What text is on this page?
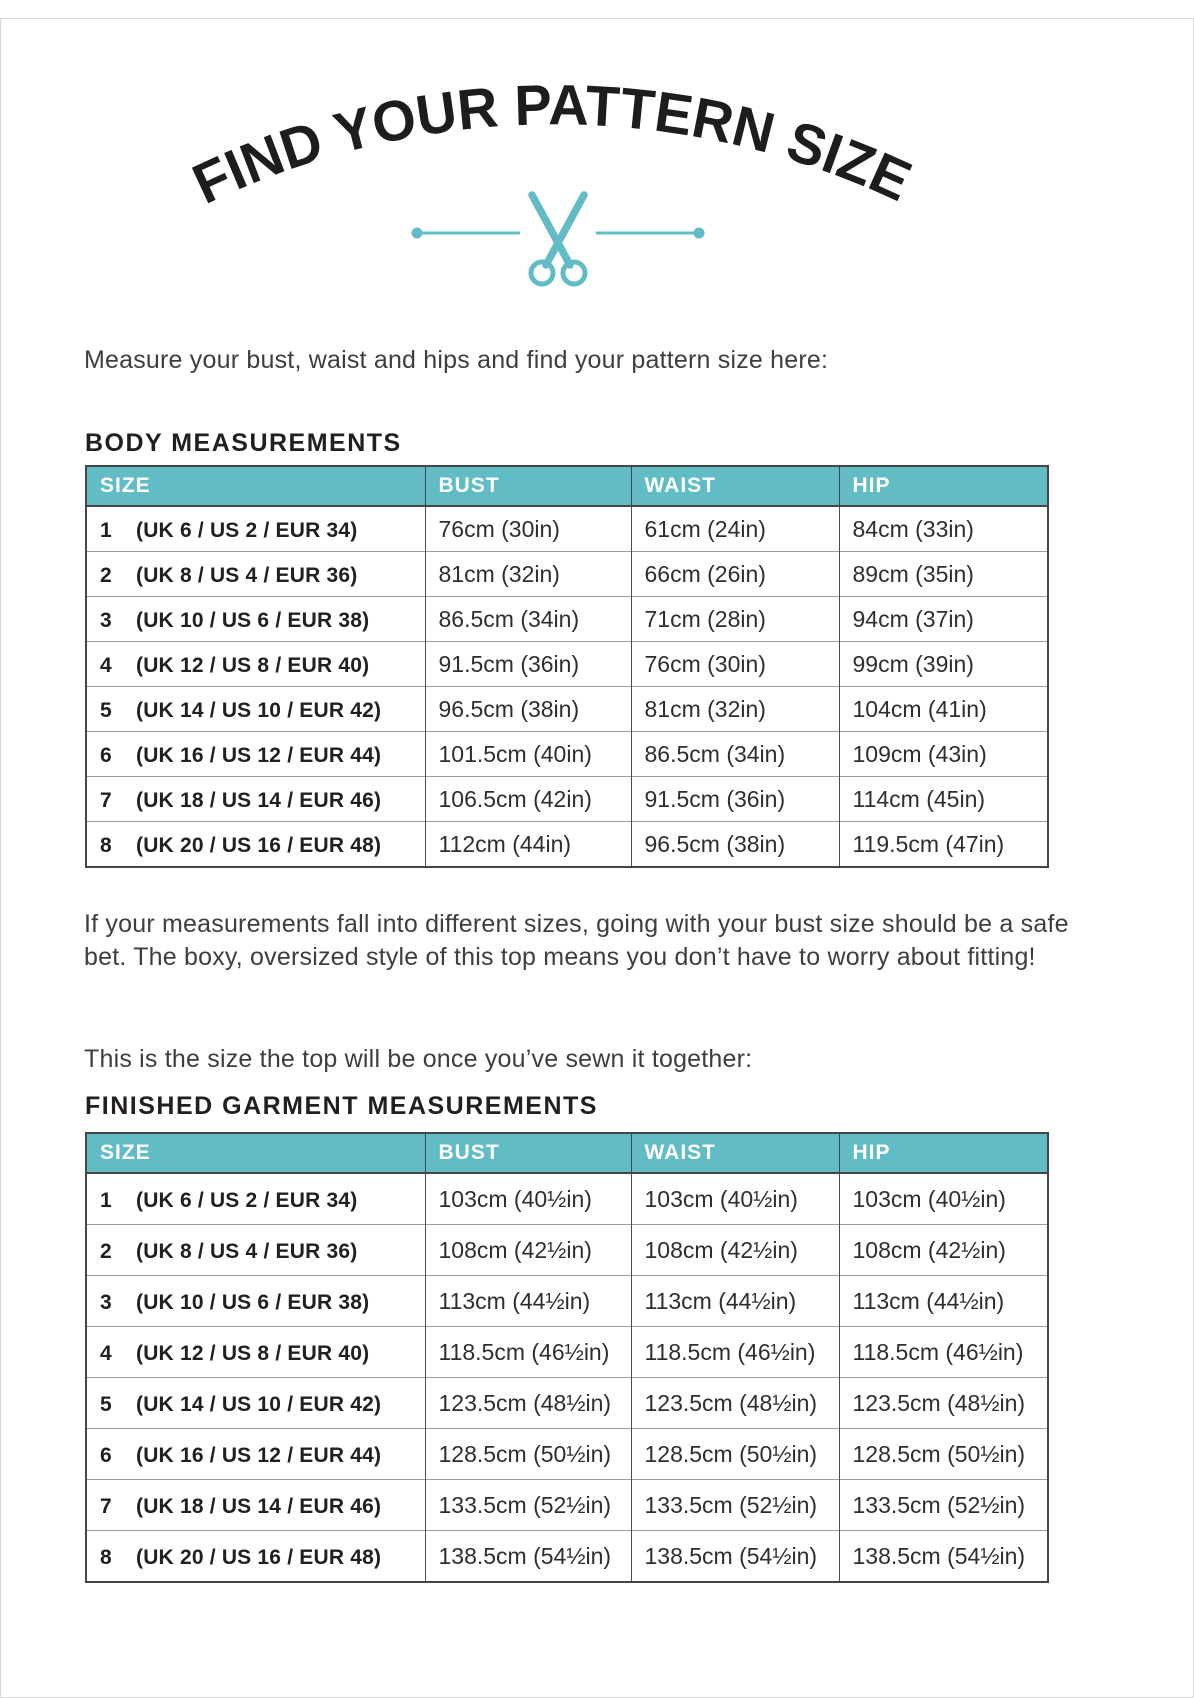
FIND YOUR PATTERN SIZE

Measure your bust, waist and hips and find your pattern size here:

BODY MEASUREMENTS
SIZE	BUST	WAIST	HIP
1 (UK 6 / US 2 / EUR 34)	76cm (30in)	61cm (24in)	84cm (33in)
2 (UK 8 / US 4 / EUR 36)	81cm (32in)	66cm (26in)	89cm (35in)
3 (UK 10 / US 6 / EUR 38)	86.5cm (34in)	71cm (28in)	94cm (37in)
4 (UK 12 / US 8 / EUR 40)	91.5cm (36in)	76cm (30in)	99cm (39in)
5 (UK 14 / US 10 / EUR 42)	96.5cm (38in)	81cm (32in)	104cm (41in)
6 (UK 16 / US 12 / EUR 44)	101.5cm (40in)	86.5cm (34in)	109cm (43in)
7 (UK 18 / US 14 / EUR 46)	106.5cm (42in)	91.5cm (36in)	114cm (45in)
8 (UK 20 / US 16 / EUR 48)	112cm (44in)	96.5cm (38in)	119.5cm (47in)

If your measurements fall into different sizes, going with your bust size should be a safe
bet. The boxy, oversized style of this top means you don’t have to worry about fitting!

This is the size the top will be once you’ve sewn it together:

FINISHED GARMENT MEASUREMENTS
SIZE	BUST	WAIST	HIP
1 (UK 6 / US 2 / EUR 34)	103cm (40½in)	103cm (40½in)	103cm (40½in)
2 (UK 8 / US 4 / EUR 36)	108cm (42½in)	108cm (42½in)	108cm (42½in)
3 (UK 10 / US 6 / EUR 38)	113cm (44½in)	113cm (44½in)	113cm (44½in)
4 (UK 12 / US 8 / EUR 40)	118.5cm (46½in)	118.5cm (46½in)	118.5cm (46½in)
5 (UK 14 / US 10 / EUR 42)	123.5cm (48½in)	123.5cm (48½in)	123.5cm (48½in)
6 (UK 16 / US 12 / EUR 44)	128.5cm (50½in)	128.5cm (50½in)	128.5cm (50½in)
7 (UK 18 / US 14 / EUR 46)	133.5cm (52½in)	133.5cm (52½in)	133.5cm (52½in)
8 (UK 20 / US 16 / EUR 48)	138.5cm (54½in)	138.5cm (54½in)	138.5cm (54½in)
